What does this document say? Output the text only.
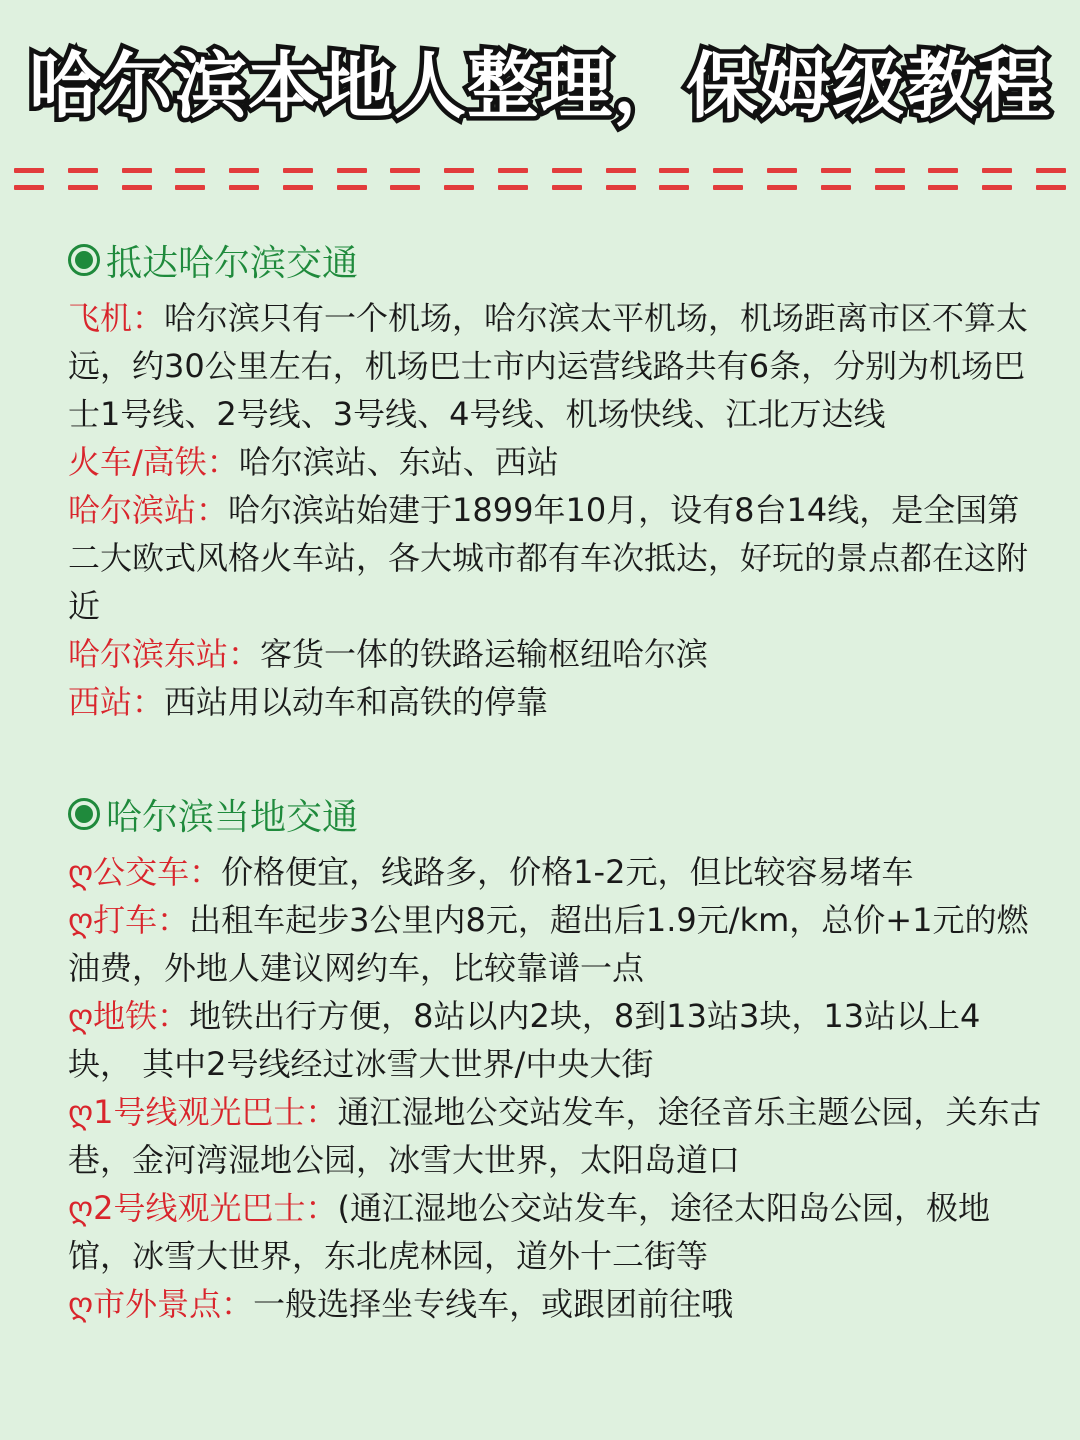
哈尔滨本地人整理，保姆级教程
抵达哈尔滨交通
飞机：哈尔滨只有一个机场，哈尔滨太平机场，机场距离市区不算太远，约30公里左右，机场巴士市内运营线路共有6条，分别为机场巴士1号线、2号线、3号线、4号线、机场快线、江北万达线
火车/高铁：哈尔滨站、东站、西站
哈尔滨站：哈尔滨站始建于1899年10月，设有8台14线，是全国第二大欧式风格火车站，各大城市都有车次抵达，好玩的景点都在这附近
哈尔滨东站：客货一体的铁路运输枢纽哈尔滨
西站：西站用以动车和高铁的停靠
哈尔滨当地交通
ღ公交车：价格便宜，线路多，价格1-2元，但比较容易堵车
ღ打车：出租车起步3公里内8元，超出后1.9元/km，总价+1元的燃油费，外地人建议网约车，比较靠谱一点
ღ地铁：地铁出行方便，8站以内2块，8到13站3块，13站以上4块， 其中2号线经过冰雪大世界/中央大街
ღ1号线观光巴士：通江湿地公交站发车，途径音乐主题公园，关东古巷，金河湾湿地公园，冰雪大世界，太阳岛道口
ღ2号线观光巴士：(通江湿地公交站发车，途径太阳岛公园，极地馆，冰雪大世界，东北虎林园，道外十二街等
ღ市外景点：一般选择坐专线车，或跟团前往哦
